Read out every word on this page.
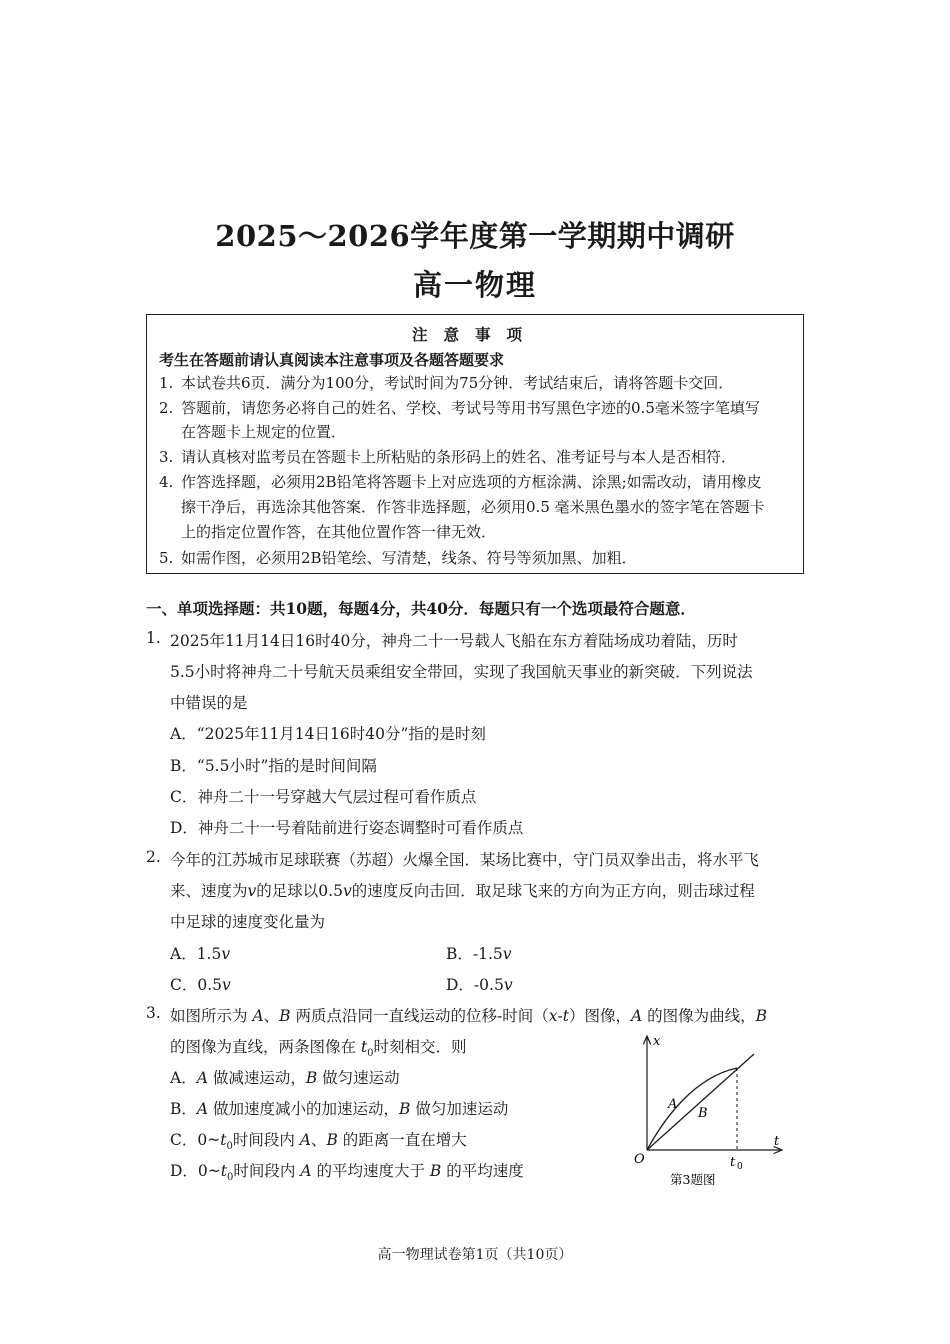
2025～2026学年度第一学期期中调研
高一物理
注意事项
考生在答题前请认真阅读本注意事项及各题答题要求
1. 本试卷共6页．满分为100分，考试时间为75分钟．考试结束后，请将答题卡交回．
2. 答题前，请您务必将自己的姓名、学校、考试号等用书写黑色字迹的0.5毫米签字笔填写
在答题卡上规定的位置．
3. 请认真核对监考员在答题卡上所粘贴的条形码上的姓名、准考证号与本人是否相符．
4. 作答选择题，必须用2B铅笔将答题卡上对应选项的方框涂满、涂黑;如需改动，请用橡皮
擦干净后，再选涂其他答案．作答非选择题，必须用0.5 毫米黑色墨水的签字笔在答题卡
上的指定位置作答，在其他位置作答一律无效．
5. 如需作图，必须用2B铅笔绘、写清楚，线条、符号等须加黑、加粗．
一、单项选择题：共10题，每题4分，共40分．每题只有一个选项最符合题意．
1. 2025年11月14日16时40分，神舟二十一号载人飞船在东方着陆场成功着陆，历时
5.5小时将神舟二十号航天员乘组安全带回，实现了我国航天事业的新突破．下列说法
中错误的是
A．“2025年11月14日16时40分”指的是时刻
B．“5.5小时”指的是时间间隔
C．神舟二十一号穿越大气层过程可看作质点
D．神舟二十一号着陆前进行姿态调整时可看作质点
2. 今年的江苏城市足球联赛（苏超）火爆全国．某场比赛中，守门员双拳出击，将水平飞
来、速度为v的足球以0.5v的速度反向击回．取足球飞来的方向为正方向，则击球过程
中足球的速度变化量为
A．1.5v	B．-1.5v
C．0.5v	D．-0.5v
3. 如图所示为 A、B 两质点沿同一直线运动的位移-时间（x-t）图像，A 的图像为曲线，B
的图像为直线，两条图像在 $t_0$时刻相交．则
A．A 做减速运动，B 做匀速运动
B．A 做加速度减小的加速运动，B 做匀加速运动
C．$0\sim t_0$时间段内 A、B 的距离一直在增大
D．$0\sim t_0$时间段内 A 的平均速度大于 B 的平均速度
x
t
O
A
B
t 0
第3题图
高一物理试卷第1页（共10页）
